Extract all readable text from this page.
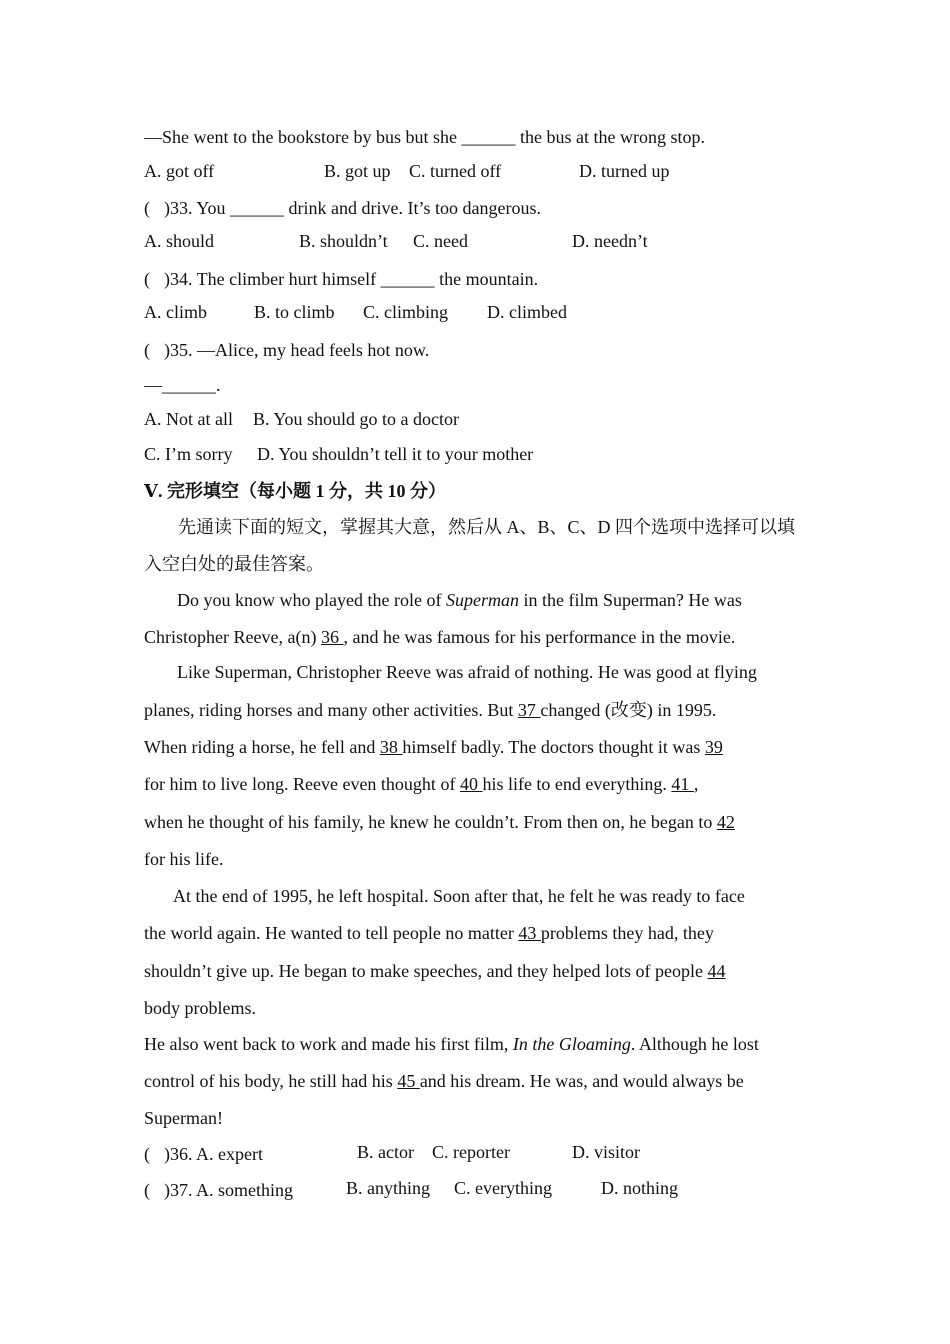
—She went to the bookstore by bus but she ______ the bus at the wrong stop.
A. got off	B. got up C. turned off	D. turned up
( )33. You ______ drink and drive. It’s too dangerous.
A. should	B. shouldn’t C. need	D. needn’t
( )34. The climber hurt himself ______ the mountain.
A. climb	B. to climb C. climbing D. climbed
( )35. —Alice, my head feels hot now.
—______.
A. Not at all B. You should go to a doctor
C. I’m sorry D. You shouldn’t tell it to your mother
Ⅴ. 完形填空（每小题 1 分，共 10 分）
先通读下面的短文，掌握其大意，然后从 A、B、C、D 四个选项中选择可以填
入空白处的最佳答案。
Do you know who played the role of Superman in the film Superman? He was
Christopher Reeve, a(n) 36 , and he was famous for his performance in the movie.
Like Superman, Christopher Reeve was afraid of nothing. He was good at flying
planes, riding horses and many other activities. But 37 changed (改变) in 1995.
When riding a horse, he fell and 38 himself badly. The doctors thought it was 39
for him to live long. Reeve even thought of 40 his life to end everything. 41 ,
when he thought of his family, he knew he couldn’t. From then on, he began to 42
for his life.
At the end of 1995, he left hospital. Soon after that, he felt he was ready to face
the world again. He wanted to tell people no matter 43 problems they had, they
shouldn’t give up. He began to make speeches, and they helped lots of people 44
body problems.
He also went back to work and made his first film, In the Gloaming. Although he lost
control of his body, he still had his 45 and his dream. He was, and would always be
Superman!
( )36. A. expert	B. actor C. reporter	D. visitor
( )37. A. something	B. anything C. everything	D. nothing
